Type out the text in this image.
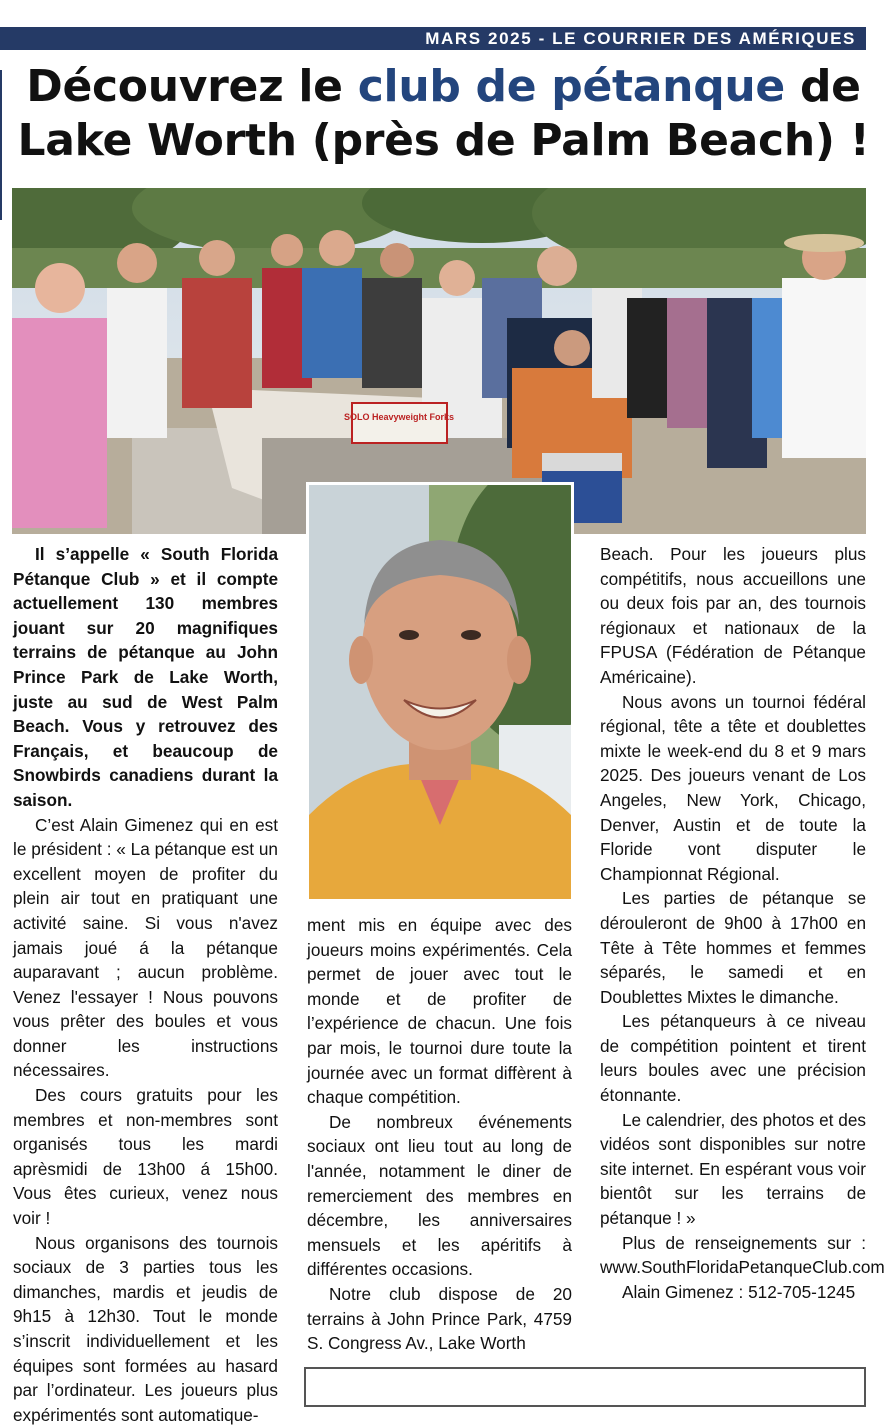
MARS 2025 - LE COURRIER DES AMÉRIQUES
Découvrez le club de pétanque de
Lake Worth (près de Palm Beach) !
SOLO Heavyweight Forks

Il s’appelle « South Florida Pétanque Club » et il compte actuellement 130 membres jouant sur 20 magnifiques terrains de pétanque au John Prince Park de Lake Worth, juste au sud de West Palm Beach. Vous y retrouvez des Français, et beaucoup de Snowbirds canadiens durant la saison.

C’est Alain Gimenez qui en est le président : « La pétanque est un excellent moyen de profiter du plein air tout en pratiquant une activité saine. Si vous n'avez jamais joué á la pétanque auparavant ; aucun problème. Venez l'essayer ! Nous pouvons vous prêter des boules et vous donner les instructions nécessaires.

Des cours gratuits pour les membres et non-membres sont organisés tous les mardi aprèsmidi de 13h00 á 15h00. Vous êtes curieux, venez nous voir !

Nous organisons des tournois sociaux de 3 parties tous les dimanches, mardis et jeudis de 9h15 à 12h30. Tout le monde s’inscrit individuellement et les équipes sont formées au hasard par l’ordinateur. Les joueurs plus expérimentés sont automatique-

ment mis en équipe avec des joueurs moins expérimentés. Cela permet de jouer avec tout le monde et de profiter de l’expérience de chacun. Une fois par mois, le tournoi dure toute la journée avec un format diffèrent à chaque compétition.

De nombreux événements sociaux ont lieu tout au long de l'année, notamment le diner de remerciement des membres en décembre, les anniversaires mensuels et les apéritifs à différentes occasions.

Notre club dispose de 20 terrains à John Prince Park, 4759 S. Congress Av., Lake Worth

Beach. Pour les joueurs plus compétitifs, nous accueillons une ou deux fois par an, des tournois régionaux et nationaux de la FPUSA (Fédération de Pétanque Américaine).

Nous avons un tournoi fédéral régional, tête a tête et doublettes mixte le week-end du 8 et 9 mars 2025. Des joueurs venant de Los Angeles, New York, Chicago, Denver, Austin et de toute la Floride vont disputer le Championnat Régional.

Les parties de pétanque se dérouleront de 9h00 à 17h00 en Tête à Tête hommes et femmes séparés, le samedi et en Doublettes Mixtes le dimanche.

Les pétanqueurs à ce niveau de compétition pointent et tirent leurs boules avec une précision étonnante.

Le calendrier, des photos et des vidéos sont disponibles sur notre site internet. En espérant vous voir bientôt sur les terrains de pétanque ! »

Plus de renseignements sur : www.SouthFloridaPetanqueClub.com

Alain Gimenez : 512-705-1245
